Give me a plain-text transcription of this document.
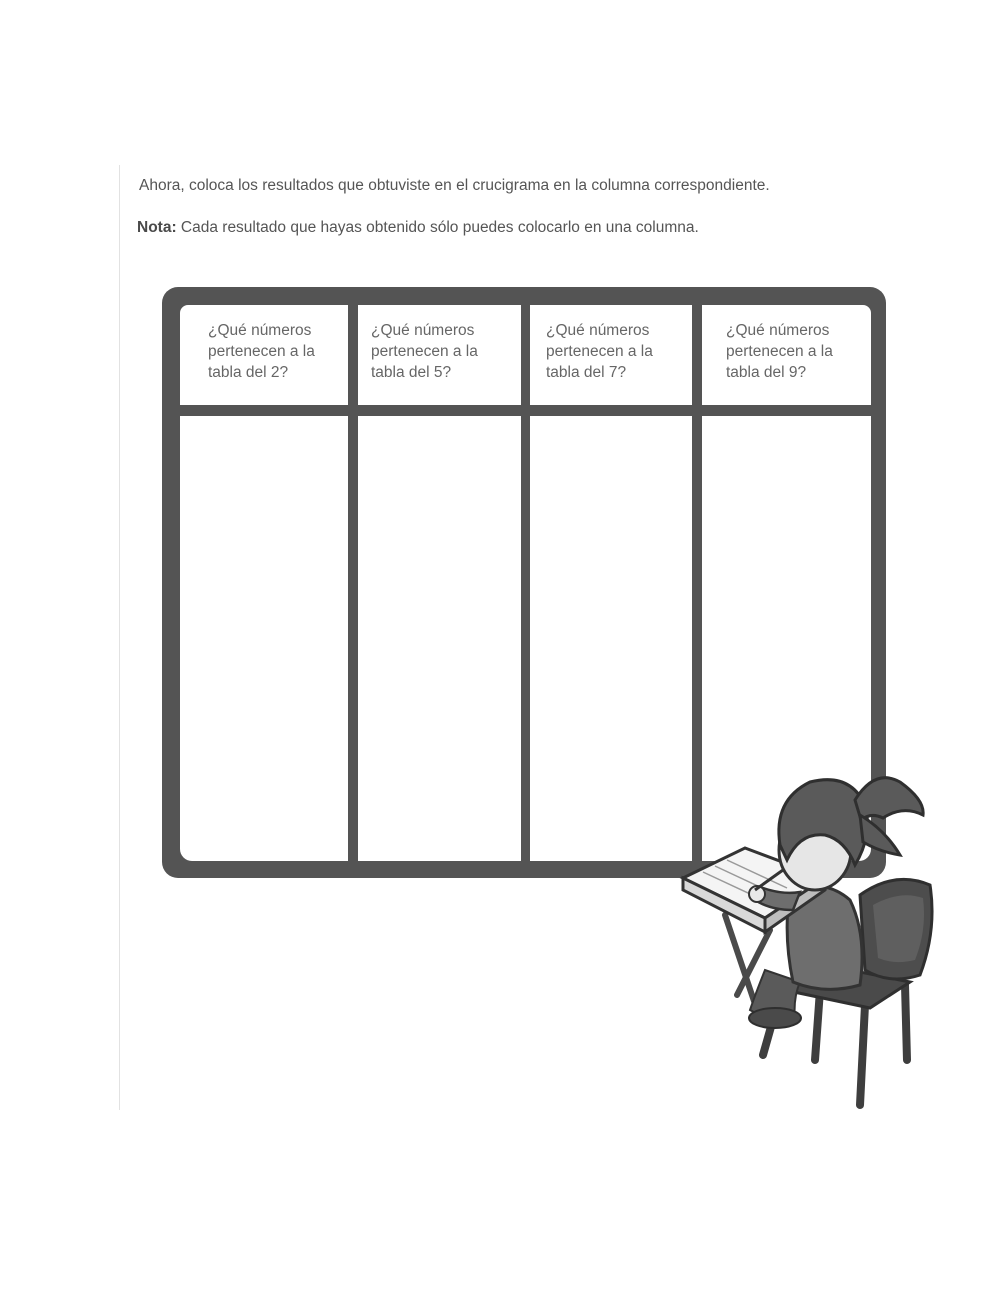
Ahora, coloca los resultados que obtuviste en el crucigrama en la columna correspondiente.
Nota: Cada resultado que hayas obtenido sólo puedes colocarlo en una columna.
¿Qué números
pertenecen a la
tabla del 2?
¿Qué números
pertenecen a la
tabla del 5?
¿Qué números
pertenecen a la
tabla del 7?
¿Qué números
pertenecen a la
tabla del 9?
